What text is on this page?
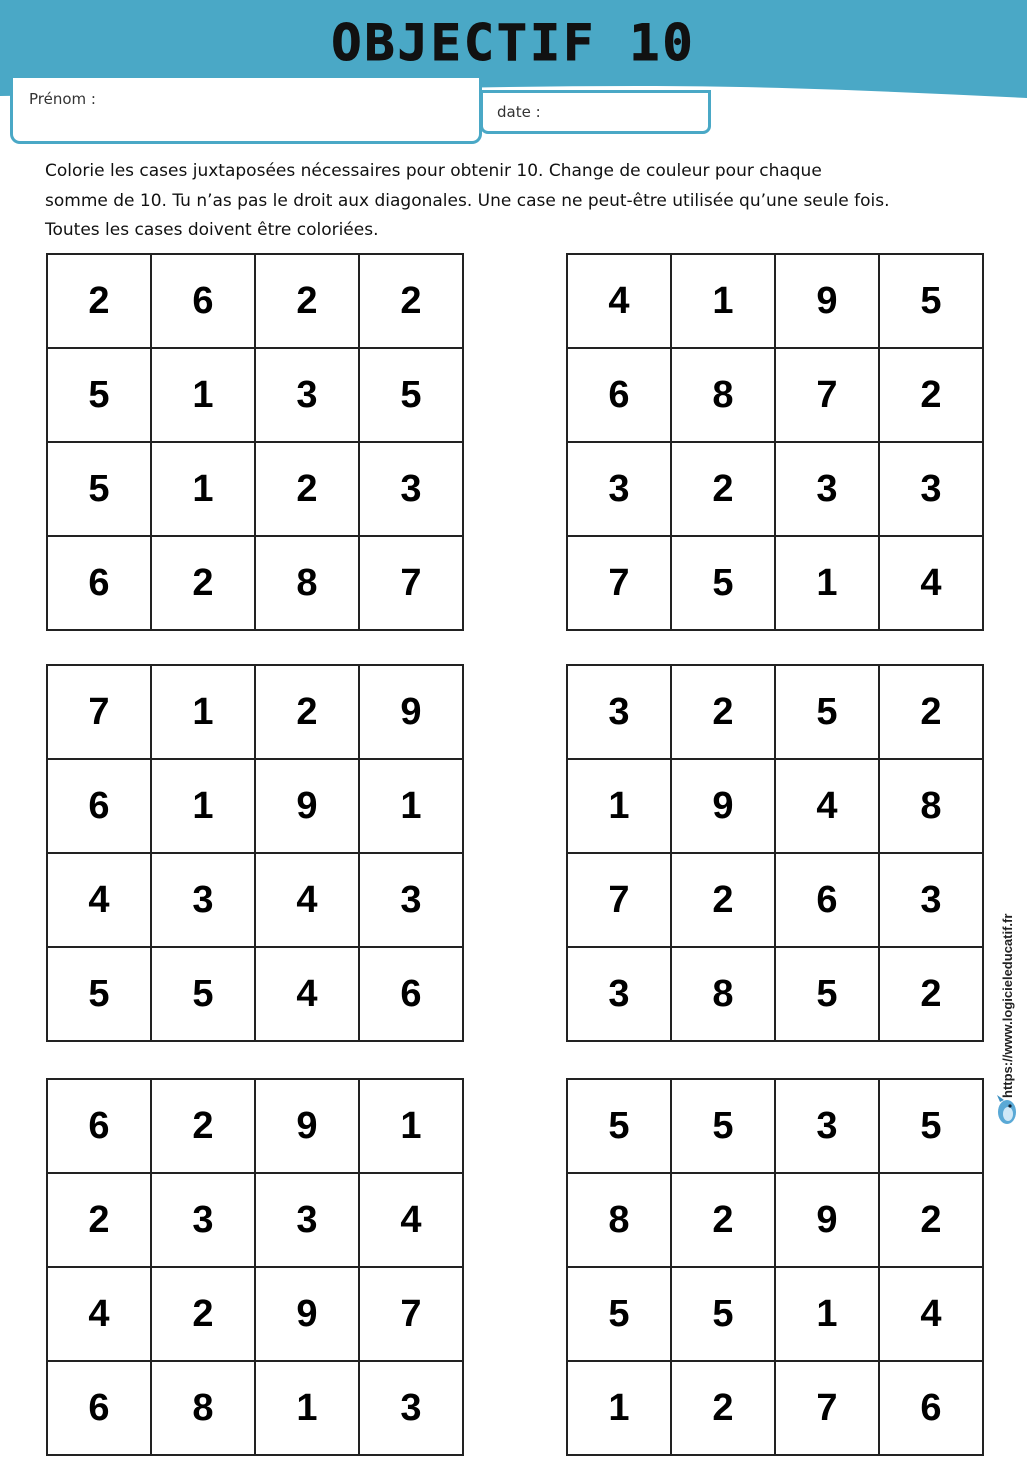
OBJECTIF 10
Prénom :
date :
Colorie les cases juxtaposées nécessaires pour obtenir 10. Change de couleur pour chaque
somme de 10. Tu n’as pas le droit aux diagonales. Une case ne peut-être utilisée qu’une seule fois.
Toutes les cases doivent être coloriées.
2	6	2	2
5	1	3	5
5	1	2	3
6	2	8	7
4	1	9	5
6	8	7	2
3	2	3	3
7	5	1	4
7	1	2	9
6	1	9	1
4	3	4	3
5	5	4	6
3	2	5	2
1	9	4	8
7	2	6	3
3	8	5	2
6	2	9	1
2	3	3	4
4	2	9	7
6	8	1	3
5	5	3	5
8	2	9	2
5	5	1	4
1	2	7	6
https://www.logicieleducatif.fr
